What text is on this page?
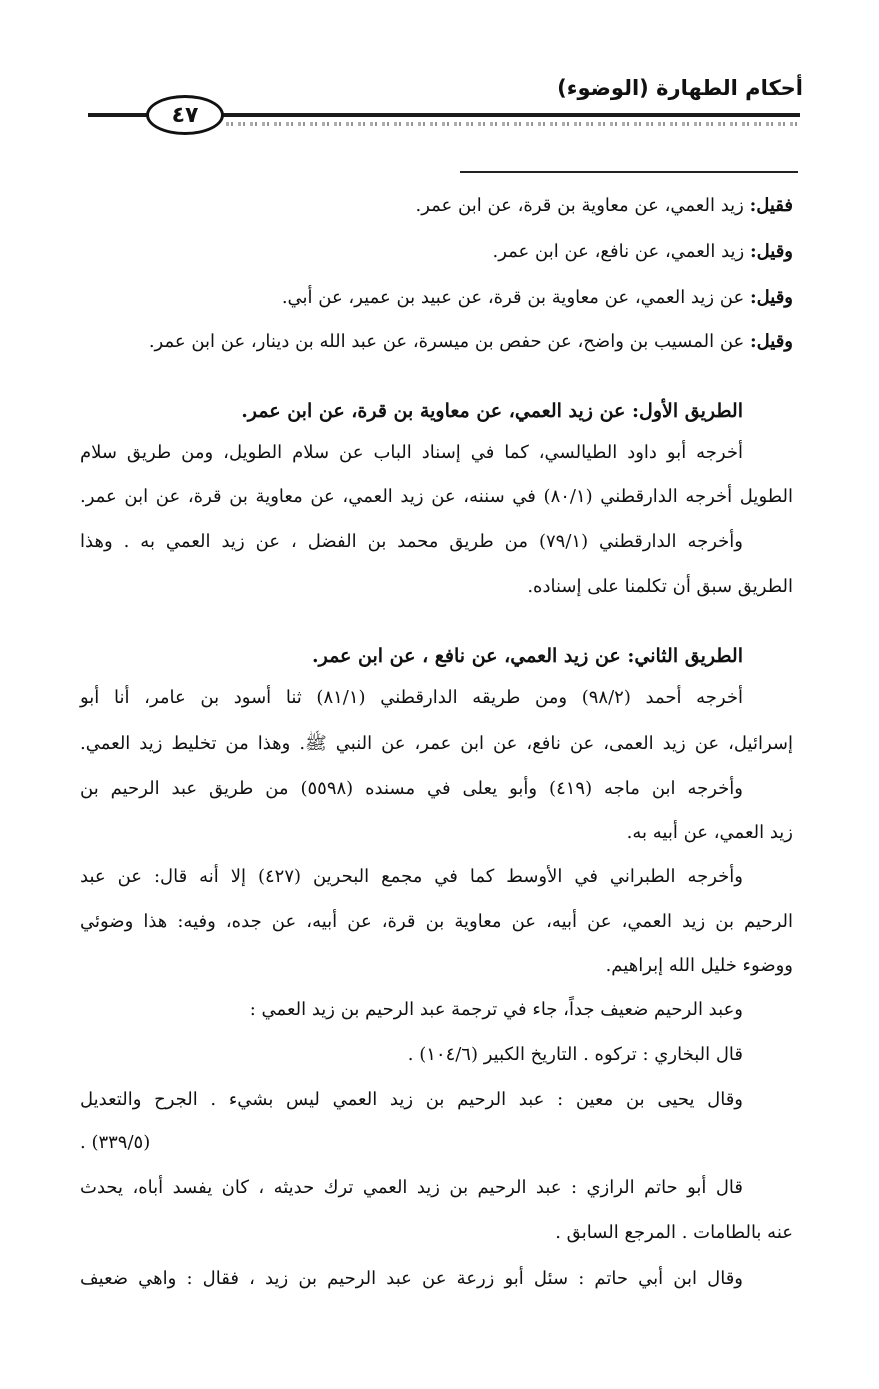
أحكام الطهارة (الوضوء)
٤٧
فقيل: زيد العمي، عن معاوية بن قرة، عن ابن عمر.
وقيل: زيد العمي، عن نافع، عن ابن عمر.
وقيل: عن زيد العمي، عن معاوية بن قرة، عن عبيد بن عمير، عن أبي.
وقيل: عن المسيب بن واضح، عن حفص بن ميسرة، عن عبد الله بن دينار، عن ابن عمر.
الطريق الأول: عن زيد العمي، عن معاوية بن قرة، عن ابن عمر.
أخرجه أبو داود الطيالسي، كما في إسناد الباب عن سلام الطويل، ومن طريق سلام
الطويل أخرجه الدارقطني (٨٠/١) في سننه، عن زيد العمي، عن معاوية بن قرة، عن ابن عمر.
وأخرجه الدارقطني (٧٩/١) من طريق محمد بن الفضل ، عن زيد العمي به . وهذا
الطريق سبق أن تكلمنا على إسناده.
الطريق الثاني: عن زيد العمي، عن نافع ، عن ابن عمر.
أخرجه أحمد (٩٨/٢) ومن طريقه الدارقطني (٨١/١) ثنا أسود بن عامر، أنا أبو
إسرائيل، عن زيد العمى، عن نافع، عن ابن عمر، عن النبي ﷺ. وهذا من تخليط زيد العمي.
وأخرجه ابن ماجه (٤١٩) وأبو يعلى في مسنده (٥٥٩٨) من طريق عبد الرحيم بن
زيد العمي، عن أبيه به.
وأخرجه الطبراني في الأوسط كما في مجمع البحرين (٤٢٧) إلا أنه قال: عن عبد
الرحيم بن زيد العمي، عن أبيه، عن معاوية بن قرة، عن أبيه، عن جده، وفيه: هذا وضوئي
ووضوء خليل الله إبراهيم.
وعبد الرحيم ضعيف جداً، جاء في ترجمة عبد الرحيم بن زيد العمي :
قال البخاري : تركوه . التاريخ الكبير (١٠٤/٦) .
وقال يحيى بن معين : عبد الرحيم بن زيد العمي ليس بشيء . الجرح والتعديل
. (٣٣٩/٥)
قال أبو حاتم الرازي : عبد الرحيم بن زيد العمي ترك حديثه ، كان يفسد أباه، يحدث
عنه بالطامات . المرجع السابق .
وقال ابن أبي حاتم : سئل أبو زرعة عن عبد الرحيم بن زيد ، فقال : واهي ضعيف
